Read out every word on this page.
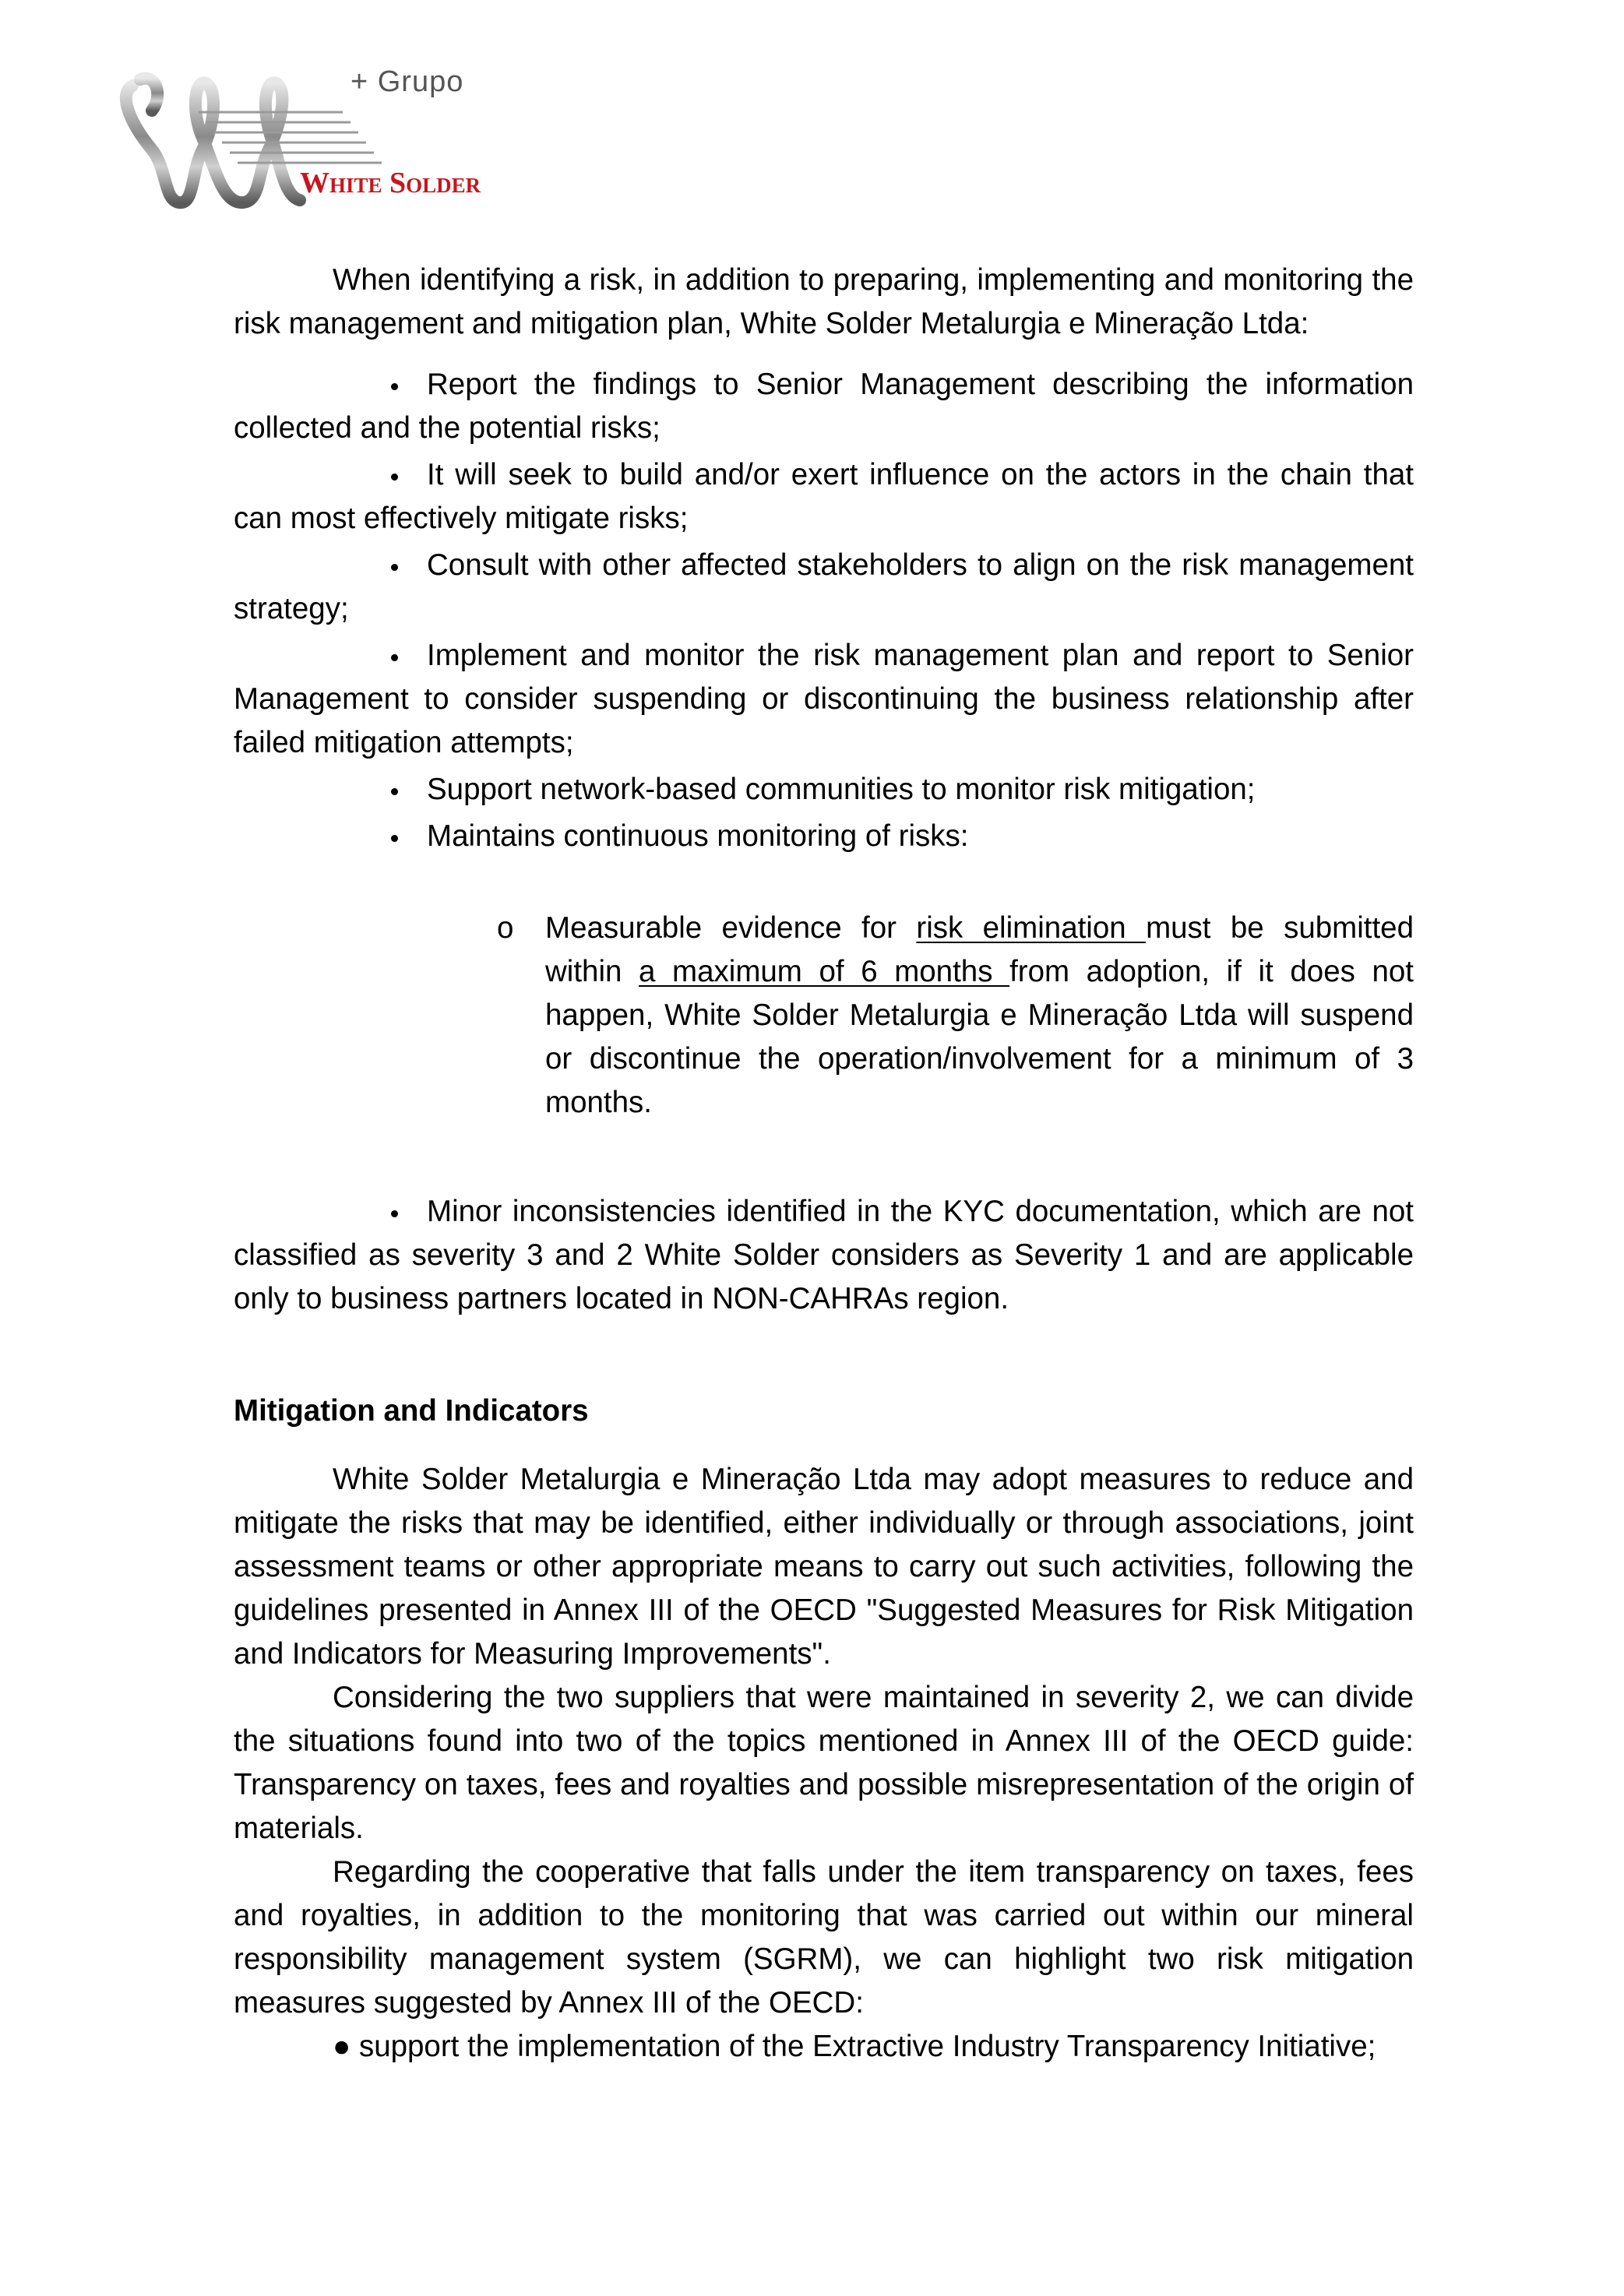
+ Grupo
White Solder

When identifying a risk, in addition to preparing, implementing and monitoring the risk management and mitigation plan, White Solder Metalurgia e Mineração Ltda:

Report the findings to Senior Management describing the information collected and the potential risks;

It will seek to build and/or exert influence on the actors in the chain that can most effectively mitigate risks;

Consult with other affected stakeholders to align on the risk management strategy;

Implement and monitor the risk management plan and report to Senior Management to consider suspending or discontinuing the business relationship after failed mitigation attempts;

Support network-based communities to monitor risk mitigation;

Maintains continuous monitoring of risks:

o Measurable evidence for risk elimination must be submitted within a maximum of 6 months from adoption, if it does not happen, White Solder Metalurgia e Mineração Ltda will suspend or discontinue the operation/involvement for a minimum of 3 months.

Minor inconsistencies identified in the KYC documentation, which are not classified as severity 3 and 2 White Solder considers as Severity 1 and are applicable only to business partners located in NON-CAHRAs region.

Mitigation and Indicators

White Solder Metalurgia e Mineração Ltda may adopt measures to reduce and mitigate the risks that may be identified, either individually or through associations, joint assessment teams or other appropriate means to carry out such activities, following the guidelines presented in Annex III of the OECD "Suggested Measures for Risk Mitigation and Indicators for Measuring Improvements".

Considering the two suppliers that were maintained in severity 2, we can divide the situations found into two of the topics mentioned in Annex III of the OECD guide: Transparency on taxes, fees and royalties and possible misrepresentation of the origin of materials.

Regarding the cooperative that falls under the item transparency on taxes, fees and royalties, in addition to the monitoring that was carried out within our mineral responsibility management system (SGRM), we can highlight two risk mitigation measures suggested by Annex III of the OECD:

● support the implementation of the Extractive Industry Transparency Initiative;
